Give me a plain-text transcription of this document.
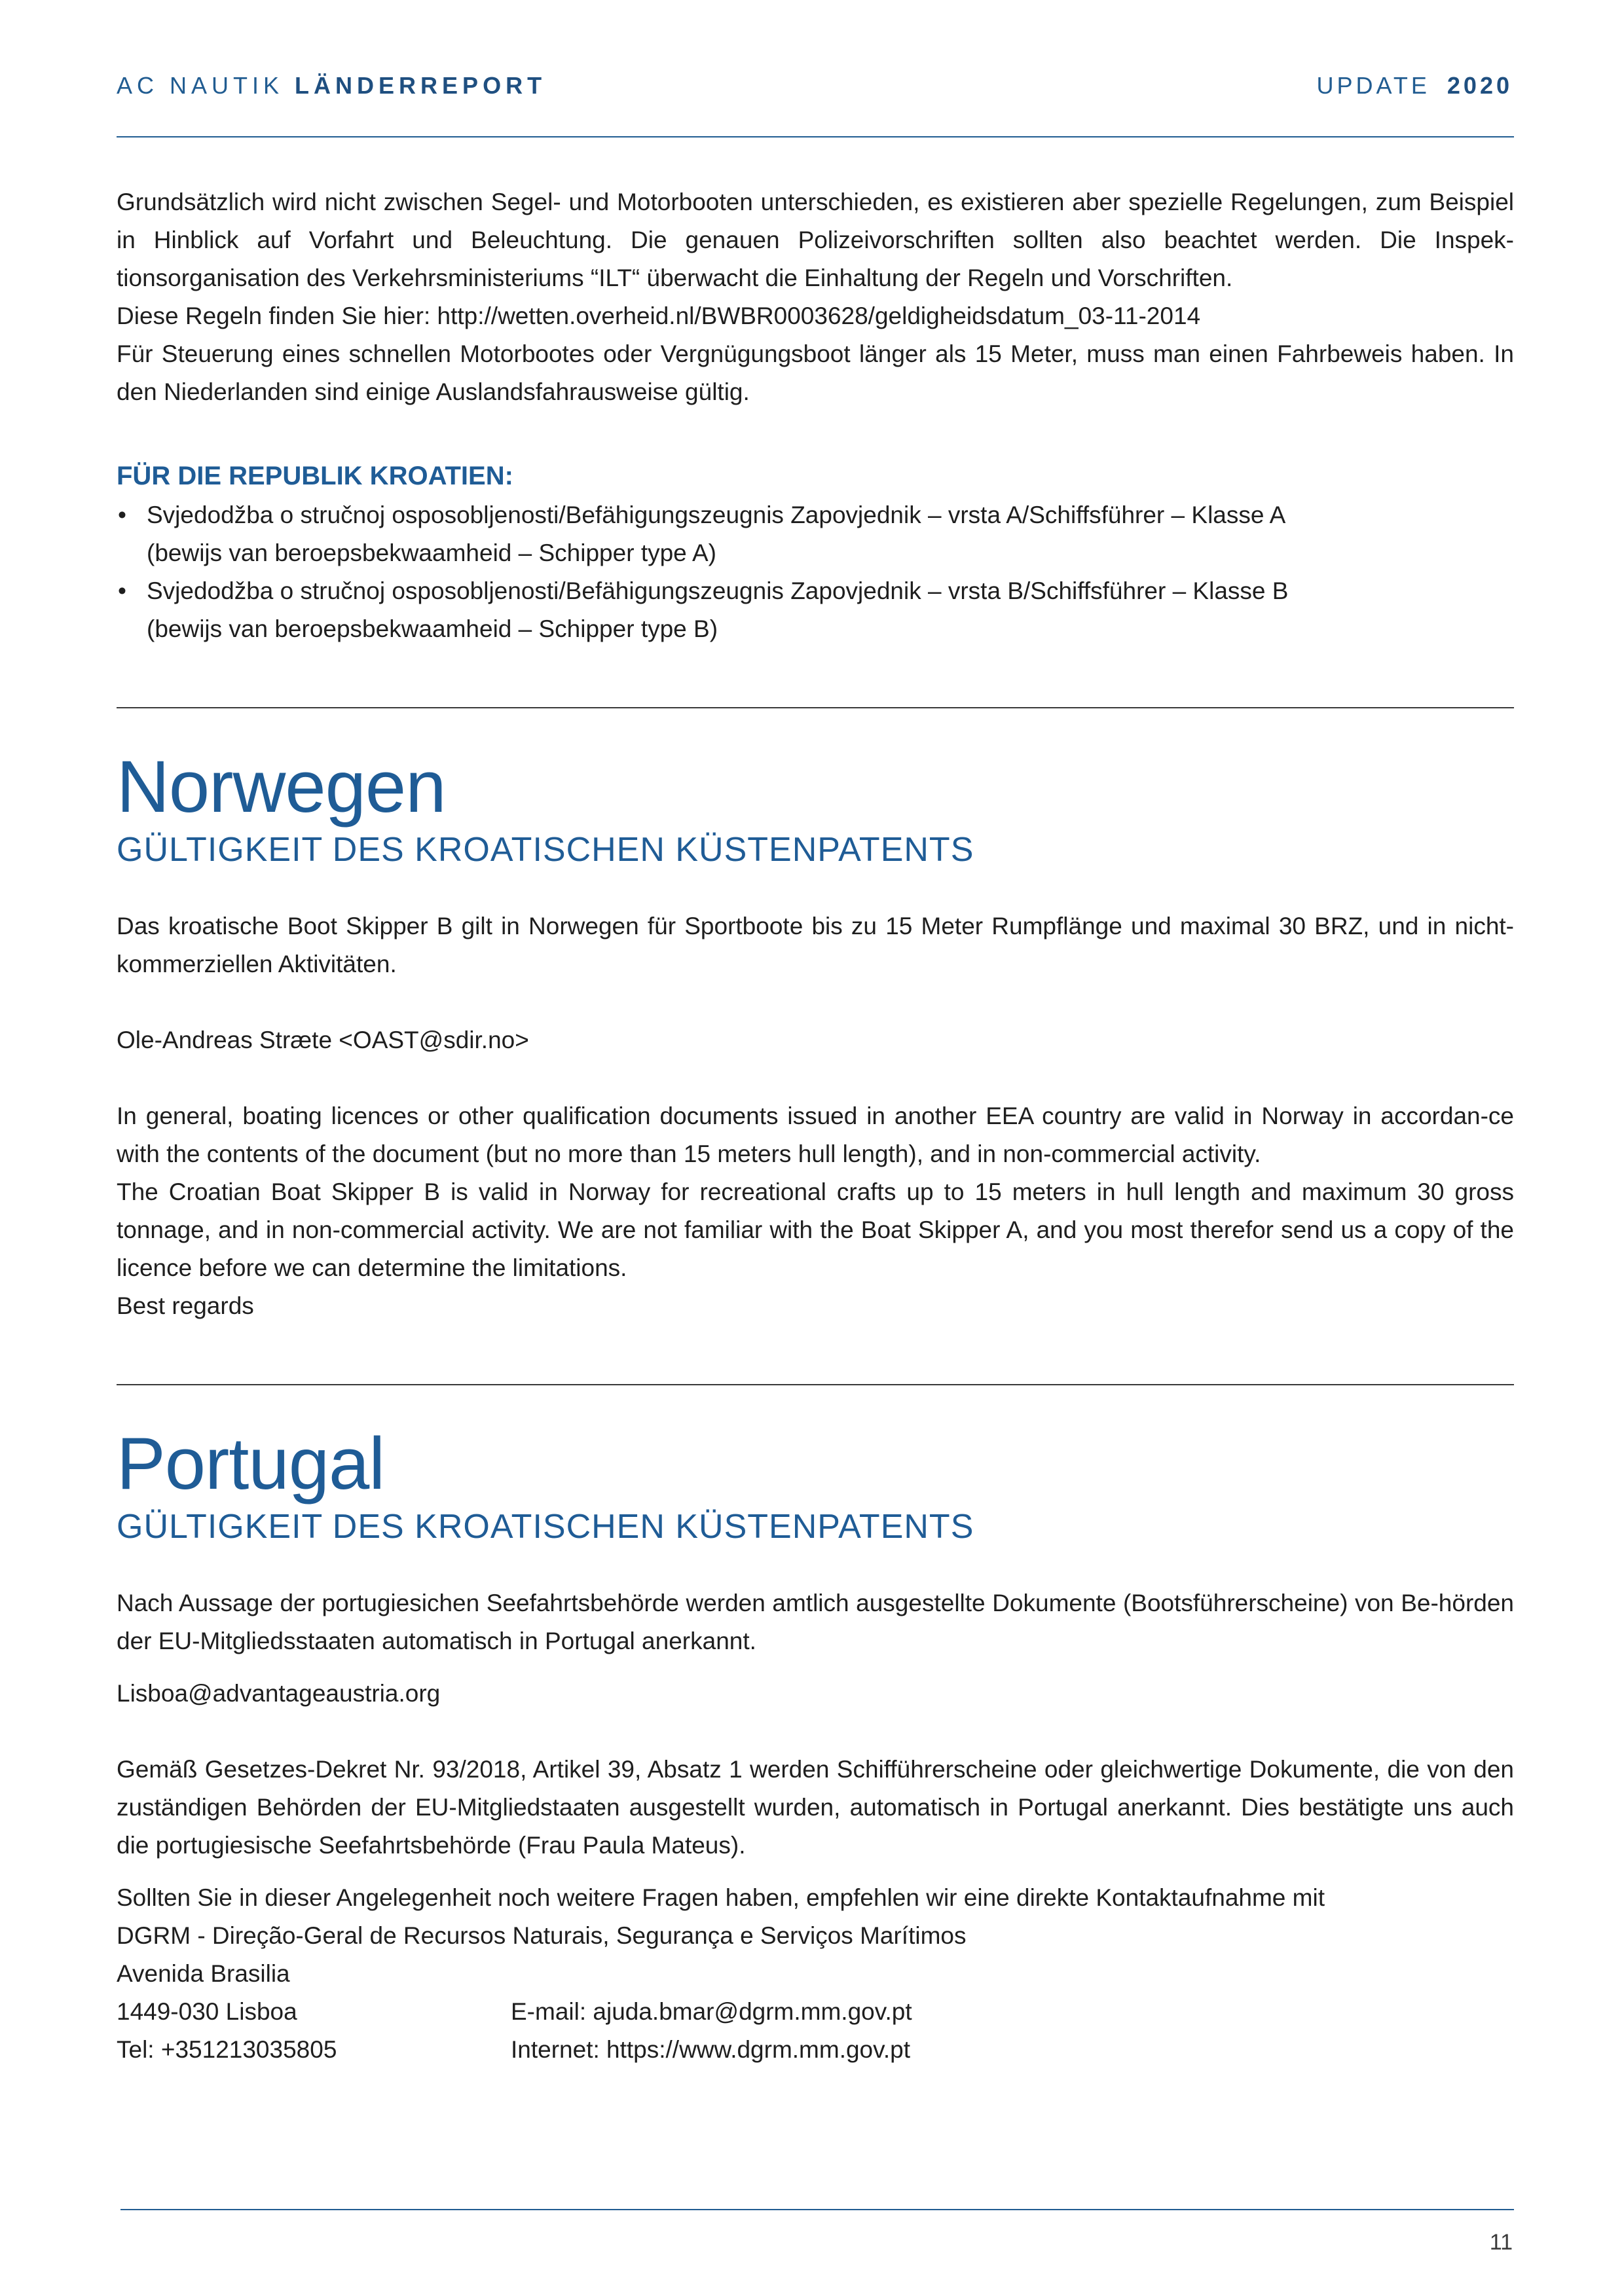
AC NAUTIK LÄNDERREPORT	UPDATE 2020

Grundsätzlich wird nicht zwischen Segel- und Motorbooten unterschieden, es existieren aber spezielle Regelungen, zum Beispiel in Hinblick auf Vorfahrt und Beleuchtung. Die genauen Polizeivorschriften sollten also beachtet werden. Die Inspek-tionsorganisation des Verkehrsministeriums “ILT“ überwacht die Einhaltung der Regeln und Vorschriften.

Diese Regeln finden Sie hier: http://wetten.overheid.nl/BWBR0003628/geldigheidsdatum_03-11-2014

Für Steuerung eines schnellen Motorbootes oder Vergnügungsboot länger als 15 Meter, muss man einen Fahrbeweis haben. In den Niederlanden sind einige Auslandsfahrausweise gültig.

FÜR DIE REPUBLIK KROATIEN:
• Svjedodžba o stručnoj osposobljenosti/Befähigungszeugnis Zapovjednik – vrsta A/Schiffsführer – Klasse A
(bewijs van beroepsbekwaamheid – Schipper type A)
• Svjedodžba o stručnoj osposobljenosti/Befähigungszeugnis Zapovjednik – vrsta B/Schiffsführer – Klasse B
(bewijs van beroepsbekwaamheid – Schipper type B)
Norwegen
GÜLTIGKEIT DES KROATISCHEN KÜSTENPATENTS

Das kroatische Boot Skipper B gilt in Norwegen für Sportboote bis zu 15 Meter Rumpflänge und maximal 30 BRZ, und in nicht-kommerziellen Aktivitäten.

Ole-Andreas Stræte <OAST@sdir.no>

In general, boating licences or other qualification documents issued in another EEA country are valid in Norway in accordan-ce with the contents of the document (but no more than 15 meters hull length), and in non-commercial activity.

The Croatian Boat Skipper B is valid in Norway for recreational crafts up to 15 meters in hull length and maximum 30 gross tonnage, and in non-commercial activity. We are not familiar with the Boat Skipper A, and you most therefor send us a copy of the licence before we can determine the limitations.

Best regards

Portugal
GÜLTIGKEIT DES KROATISCHEN KÜSTENPATENTS

Nach Aussage der portugiesichen Seefahrtsbehörde werden amtlich ausgestellte Dokumente (Bootsführerscheine) von Be-hörden der EU-Mitgliedsstaaten automatisch in Portugal anerkannt.

Lisboa@advantageaustria.org

Gemäß Gesetzes-Dekret Nr. 93/2018, Artikel 39, Absatz 1 werden Schifführerscheine oder gleichwertige Dokumente, die von den zuständigen Behörden der EU-Mitgliedstaaten ausgestellt wurden, automatisch in Portugal anerkannt. Dies bestätigte uns auch die portugiesische Seefahrtsbehörde (Frau Paula Mateus).

Sollten Sie in dieser Angelegenheit noch weitere Fragen haben, empfehlen wir eine direkte Kontaktaufnahme mit

DGRM - Direção-Geral de Recursos Naturais, Segurança e Serviços Marítimos

Avenida Brasilia

1449-030 Lisboa	E-mail: ajuda.bmar@dgrm.mm.gov.pt
Tel: +351213035805	Internet: https://www.dgrm.mm.gov.pt
11
